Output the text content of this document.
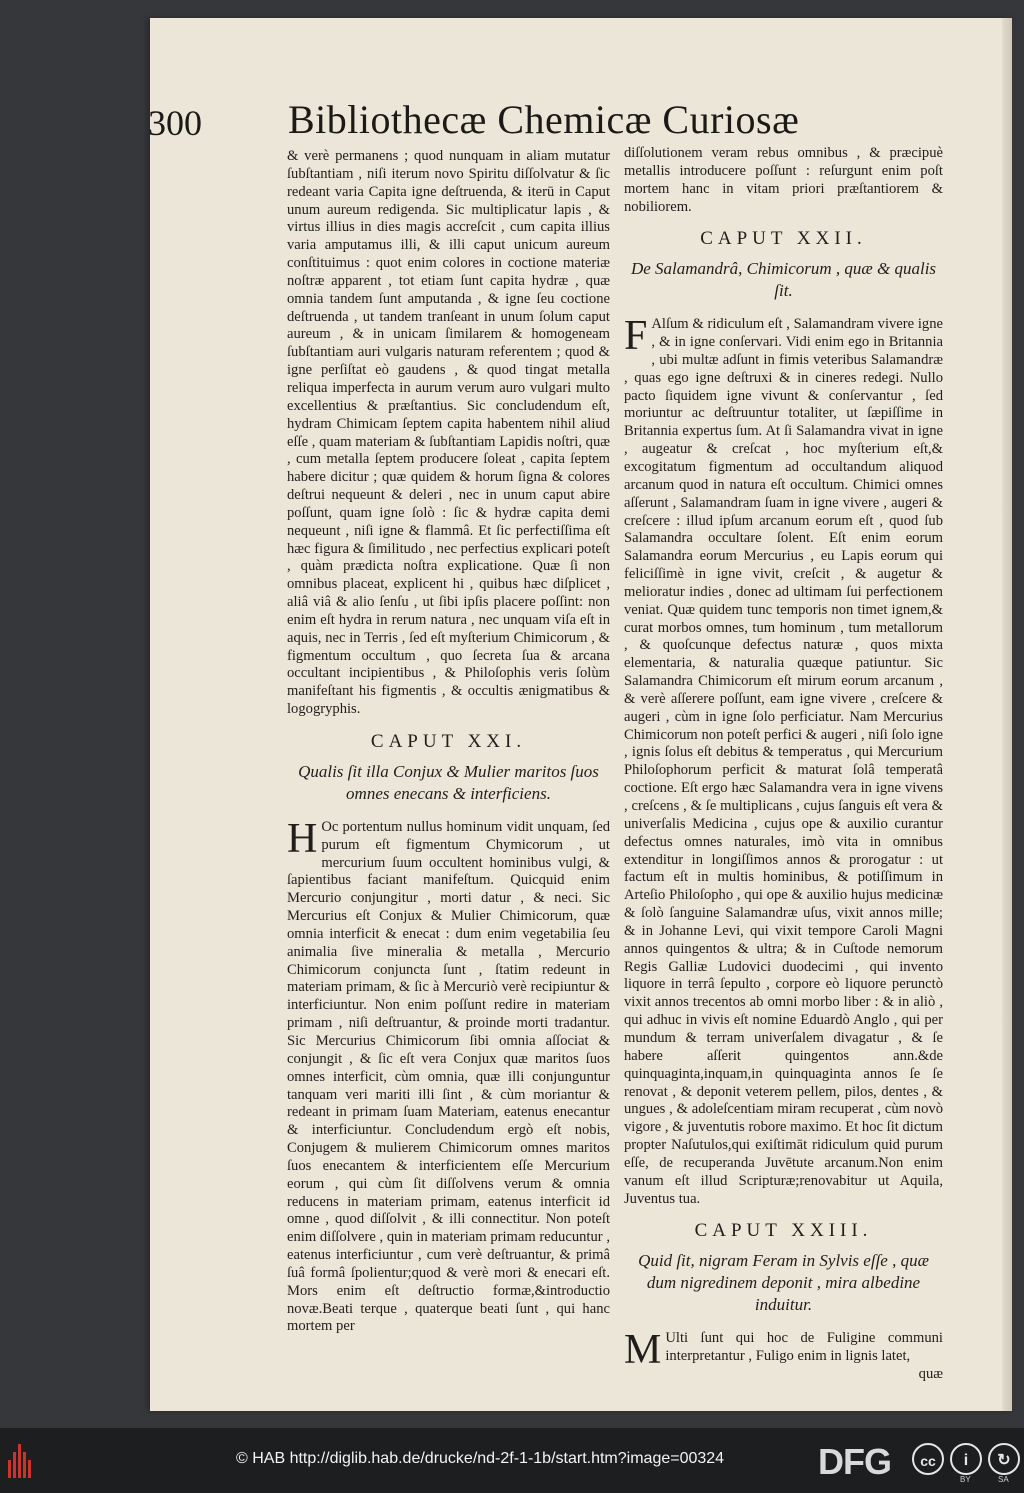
300 Bibliothecæ Chemicæ Curiosæ

& verè permanens ; quod nunquam in aliam mutatur ſubſtantiam , niſi iterum novo Spiritu diſſolvatur & ſic redeant varia Capita igne deſtruenda, & iterū in Caput unum aureum redigenda. Sic multiplicatur lapis , & virtus illius in dies magis accreſcit , cum capita illius varia amputamus illi, & illi caput unicum aureum conſtituimus : quot enim colores in coctione materiæ noſtræ apparent , tot etiam ſunt capita hydræ , quæ omnia tandem ſunt amputanda , & igne ſeu coctione deſtruenda , ut tandem tranſeant in unum ſolum caput aureum , & in unicam ſimilarem & homogeneam ſubſtantiam auri vulgaris naturam referentem ; quod & igne perſiſtat eò gaudens , & quod tingat metalla reliqua imperfecta in aurum verum auro vulgari multo excellentius & præſtantius. Sic concludendum eſt, hydram Chimicam ſeptem capita habentem nihil aliud eſſe , quam materiam & ſubſtantiam Lapidis noſtri, quæ , cum metalla ſeptem producere ſoleat , capita ſeptem habere dicitur ; quæ quidem & horum ſigna & colores deſtrui nequeunt & deleri , nec in unum caput abire poſſunt, quam igne ſolò : ſic & hydræ capita demi nequeunt , niſi igne & flammâ. Et ſic perfectiſſima eſt hæc figura & ſimilitudo , nec perfectius explicari poteſt , quàm prædicta noſtra explicatione. Quæ ſi non omnibus placeat, explicent hi , quibus hæc diſplicet , aliâ viâ & alio ſenſu , ut ſibi ipſis placere poſſint: non enim eſt hydra in rerum natura , nec unquam viſa eſt in aquis, nec in Terris , ſed eſt myſterium Chimicorum , & figmentum occultum , quo ſecreta ſua & arcana occultant incipientibus , & Philoſophis veris ſolùm manifeſtant his figmentis , & occultis ænigmatibus & logogryphis.

CAPUT XXI.
Qualis ſit illa Conjux & Mulier maritos ſuos omnes enecans & interficiens.

H Oc portentum nullus hominum vidit unquam, ſed purum eſt figmentum Chymicorum , ut mercurium ſuum occultent hominibus vulgi, & ſapientibus faciant manifeſtum. Quicquid enim Mercurio conjungitur , morti datur , & neci. Sic Mercurius eſt Conjux & Mulier Chimicorum, quæ omnia interficit & enecat : dum enim vegetabilia ſeu animalia ſive mineralia & metalla , Mercurio Chimicorum conjuncta ſunt , ſtatim redeunt in materiam primam, & ſic à Mercuriò verè recipiuntur & interficiuntur. Non enim poſſunt redire in materiam primam , niſi deſtruantur, & proinde morti tradantur. Sic Mercurius Chimicorum ſibi omnia aſſociat & conjungit , & ſic eſt vera Conjux quæ maritos ſuos omnes interficit, cùm omnia, quæ illi conjunguntur tanquam veri mariti illi ſint , & cùm moriantur & redeant in primam ſuam Materiam, eatenus enecantur & interficiuntur. Concludendum ergò eſt nobis, Conjugem & mulierem Chimicorum omnes maritos ſuos enecantem & interficientem eſſe Mercurium eorum , qui cùm ſit diſſolvens verum & omnia reducens in materiam primam, eatenus interficit id omne , quod diſſolvit , & illi connectitur. Non poteſt enim diſſolvere , quin in materiam primam reducuntur , eatenus interficiuntur , cum verè deſtruantur, & primâ ſuâ formâ ſpolientur;quod & verè mori & enecari eſt. Mors enim eſt deſtructio formæ,&introductio novæ.Beati terque , quaterque beati ſunt , qui hanc mortem per

diſſolutionem veram rebus omnibus , & præcipuè metallis introducere poſſunt : reſurgunt enim poſt mortem hanc in vitam priori præſtantiorem & nobiliorem.

CAPUT XXII.
De Salamandrâ, Chimicorum , quæ & qualis ſit.

F Alſum & ridiculum eſt , Salamandram vivere igne , & in igne conſervari. Vidi enim ego in Britannia , ubi multæ adſunt in fimis veteribus Salamandræ , quas ego igne deſtruxi & in cineres redegi. Nullo pacto ſiquidem igne vivunt & conſervantur , ſed moriuntur ac deſtruuntur totaliter, ut ſæpiſſime in Britannia expertus ſum. At ſi Salamandra vivat in igne , augeatur & creſcat , hoc myſterium eſt,& excogitatum figmentum ad occultandum aliquod arcanum quod in natura eſt occultum. Chimici omnes aſſerunt , Salamandram ſuam in igne vivere , augeri & creſcere : illud ipſum arcanum eorum eſt , quod ſub Salamandra occultare ſolent. Eſt enim eorum Salamandra eorum Mercurius , eu Lapis eorum qui feliciſſimè in igne vivit, creſcit , & augetur & melioratur indies , donec ad ultimam ſui perfectionem veniat. Quæ quidem tunc temporis non timet ignem,& curat morbos omnes, tum hominum , tum metallorum , & quoſcunque defectus naturæ , quos mixta elementaria, & naturalia quæque patiuntur. Sic Salamandra Chimicorum eſt mirum eorum arcanum , & verè aſſerere poſſunt, eam igne vivere , creſcere & augeri , cùm in igne ſolo perficiatur. Nam Mercurius Chimicorum non poteſt perfici & augeri , niſi ſolo igne , ignis ſolus eſt debitus & temperatus , qui Mercurium Philoſophorum perficit & maturat ſolâ temperatâ coctione. Eſt ergo hæc Salamandra vera in igne vivens , creſcens , & ſe multiplicans , cujus ſanguis eſt vera & univerſalis Medicina , cujus ope & auxilio curantur defectus omnes naturales, imò vita in omnibus extenditur in longiſſimos annos & prorogatur : ut factum eſt in multis hominibus, & potiſſimum in Arteſio Philoſopho , qui ope & auxilio hujus medicinæ & ſolò ſanguine Salamandræ uſus, vixit annos mille; & in Johanne Levi, qui vixit tempore Caroli Magni annos quingentos & ultra; & in Cuſtode nemorum Regis Galliæ Ludovici duodecimi , qui invento liquore in terrâ ſepulto , corpore eò liquore perunctò vixit annos trecentos ab omni morbo liber : & in aliò , qui adhuc in vivis eſt nomine Eduardò Anglo , qui per mundum & terram univerſalem divagatur , & ſe habere aſſerit quingentos ann.&de quinquaginta,inquam,in quinquaginta annos ſe ſe renovat , & deponit veterem pellem, pilos, dentes , & ungues , & adoleſcentiam miram recuperat , cùm novò vigore , & juventutis robore maximo. Et hoc ſit dictum propter Naſutulos,qui exiſtimāt ridiculum quid purum eſſe, de recuperanda Juvētute arcanum.Non enim vanum eſt illud Scripturæ;renovabitur ut Aquila, Juventus tua.

CAPUT XXIII.
Quid ſit, nigram Feram in Sylvis eſſe , quæ dum nigredinem deponit , mira albedine induitur.

M Ulti ſunt qui hoc de Fuligine communi interpretantur , Fuligo enim in lignis latet,

quæ

© HAB http://diglib.hab.de/drucke/nd-2f-1-1b/start.htm?image=00324	DFG	cc	i	↻
BY	SA
